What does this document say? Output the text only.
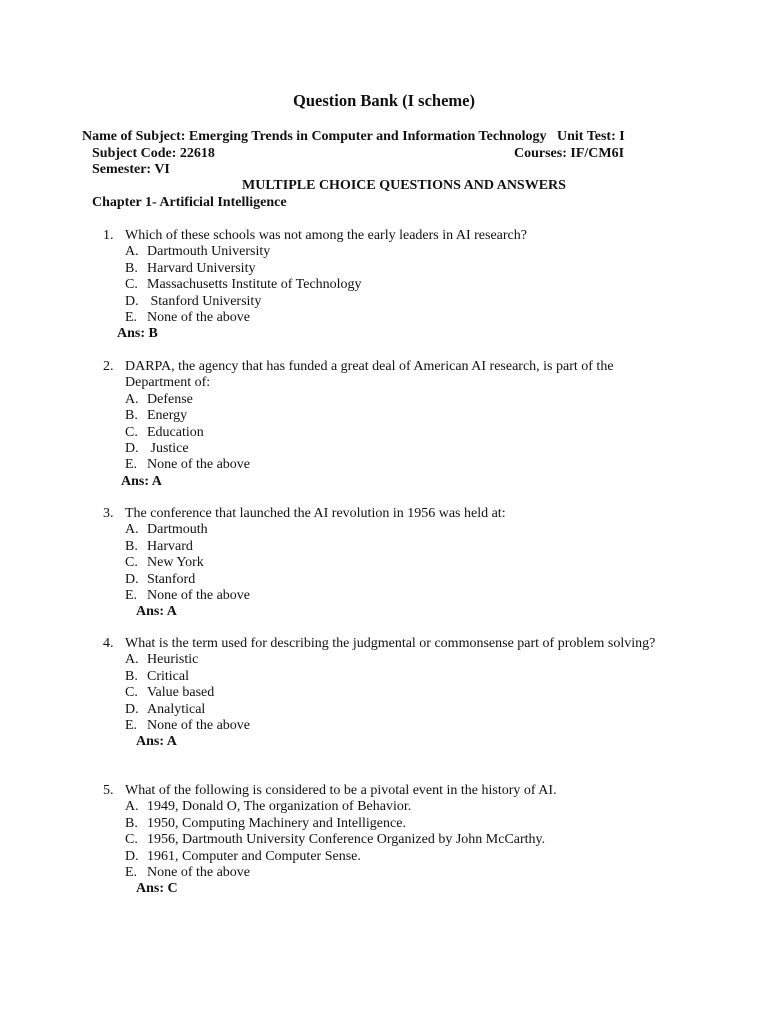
Question Bank (I scheme)
Name of Subject: Emerging Trends in Computer and Information Technology   Unit Test: I
Subject Code: 22618	Courses: IF/CM6I
Semester: VI
MULTIPLE CHOICE QUESTIONS AND ANSWERS
Chapter 1- Artificial Intelligence
1. Which of these schools was not among the early leaders in AI research?
A. Dartmouth University
B. Harvard University
C. Massachusetts Institute of Technology
D. Stanford University
E. None of the above
Ans: B
2. DARPA, the agency that has funded a great deal of American AI research, is part of the Department of:
A. Defense
B. Energy
C. Education
D. Justice
E. None of the above
Ans: A
3. The conference that launched the AI revolution in 1956 was held at:
A. Dartmouth
B. Harvard
C. New York
D. Stanford
E. None of the above
Ans: A
4. What is the term used for describing the judgmental or commonsense part of problem solving?
A. Heuristic
B. Critical
C. Value based
D. Analytical
E. None of the above
Ans: A
5. What of the following is considered to be a pivotal event in the history of AI.
A. 1949, Donald O, The organization of Behavior.
B. 1950, Computing Machinery and Intelligence.
C. 1956, Dartmouth University Conference Organized by John McCarthy.
D. 1961, Computer and Computer Sense.
E. None of the above
Ans: C
